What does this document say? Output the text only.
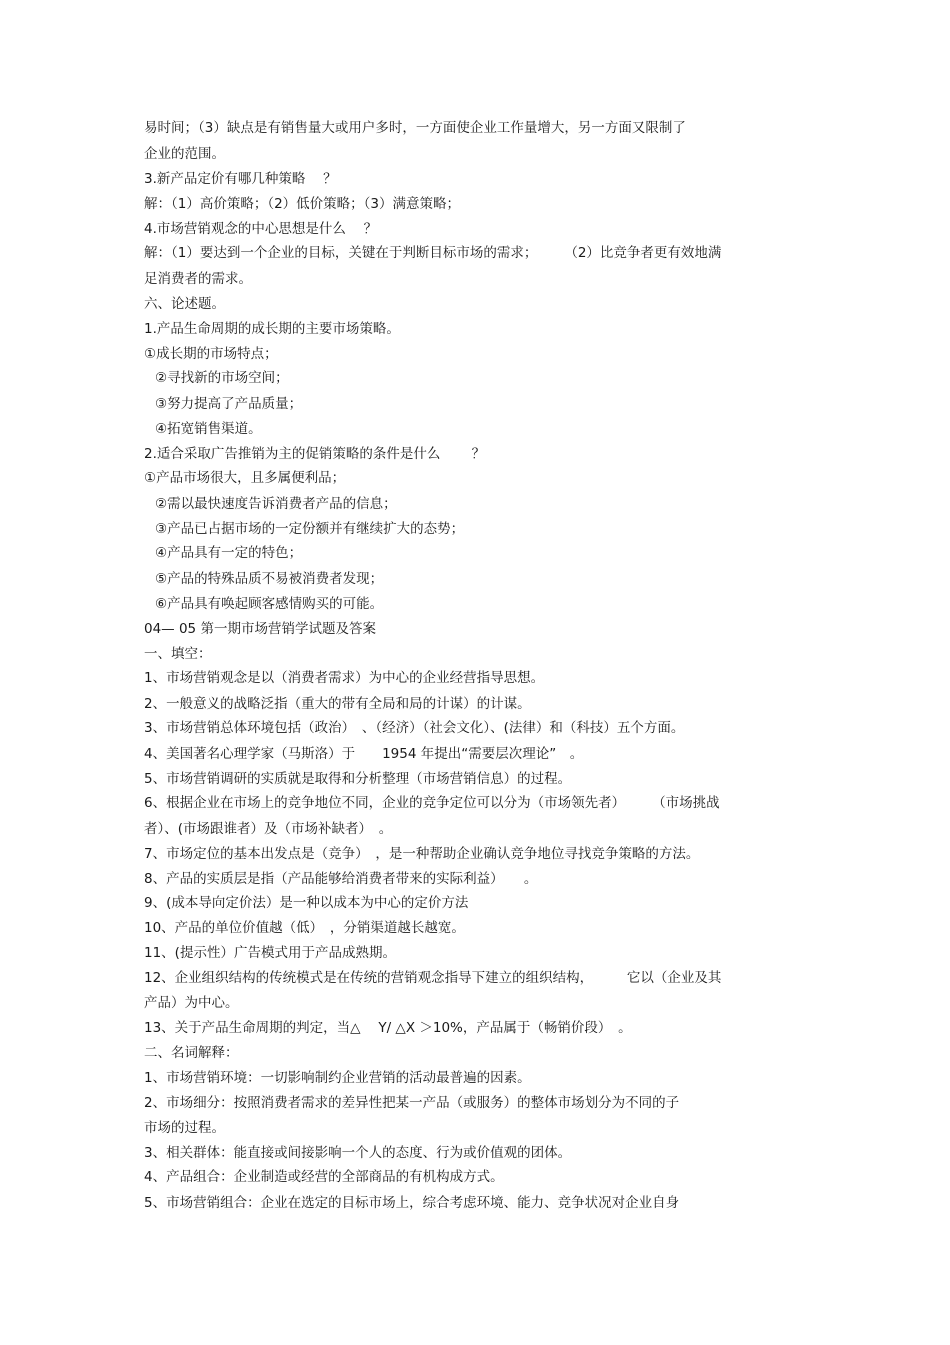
易时间；（3）缺点是有销售量大或用户多时，一方面使企业工作量增大，另一方面又限制了
企业的范围。
3.新产品定价有哪几种策略　 ？
解：（1）高价策略；（2）低价策略；（3）满意策略；
4.市场营销观念的中心思想是什么　 ？
解：（1）要达到一个企业的目标，关键在于判断目标市场的需求；　　　（2）比竞争者更有效地满
足消费者的需求。
六、论述题。
1.产品生命周期的成长期的主要市场策略。
①成长期的市场特点；
②寻找新的市场空间；
③努力提高了产品质量；
④拓宽销售渠道。
2.适合采取广告推销为主的促销策略的条件是什么　　 ？
①产品市场很大，且多属便利品；
②需以最快速度告诉消费者产品的信息；
③产品已占据市场的一定份额并有继续扩大的态势；
④产品具有一定的特色；
⑤产品的特殊品质不易被消费者发现；
⑥产品具有唤起顾客感情购买的可能。
04— 05 第一期市场营销学试题及答案
一、填空：
1、市场营销观念是以（消费者需求）为中心的企业经营指导思想。
2、一般意义的战略泛指（重大的带有全局和局的计谋）的计谋。
3、市场营销总体环境包括（政治）　、（经济）（社会文化）、(法律）和（科技）五个方面。
4、美国著名心理学家（马斯洛）于　　1954 年提出“需要层次理论”　。
5、市场营销调研的实质就是取得和分析整理（市场营销信息）的过程。
6、根据企业在市场上的竞争地位不同，企业的竞争定位可以分为（市场领先者）　　　（市场挑战
者）、(市场跟谁者）及（市场补缺者）　。
7、市场定位的基本出发点是（竞争）　，是一种帮助企业确认竞争地位寻找竞争策略的方法。
8、产品的实质层是指（产品能够给消费者带来的实际利益）　　。
9、(成本导向定价法）是一种以成本为中心的定价方法
10、产品的单位价值越（低）　，分销渠道越长越宽。
11、(提示性）广告模式用于产品成熟期。
12、企业组织结构的传统模式是在传统的营销观念指导下建立的组织结构，　　　它以（企业及其
产品）为中心。
13、关于产品生命周期的判定，当△　 Y/ △X ＞10%，产品属于（畅销价段）　。
二、名词解释：
1、市场营销环境：一切影响制约企业营销的活动最普遍的因素。
2、市场细分：按照消费者需求的差异性把某一产品（或服务）的整体市场划分为不同的子
市场的过程。
3、相关群体：能直接或间接影响一个人的态度、行为或价值观的团体。
4、产品组合：企业制造或经营的全部商品的有机构成方式。
5、市场营销组合：企业在选定的目标市场上，综合考虑环境、能力、竞争状况对企业自身
